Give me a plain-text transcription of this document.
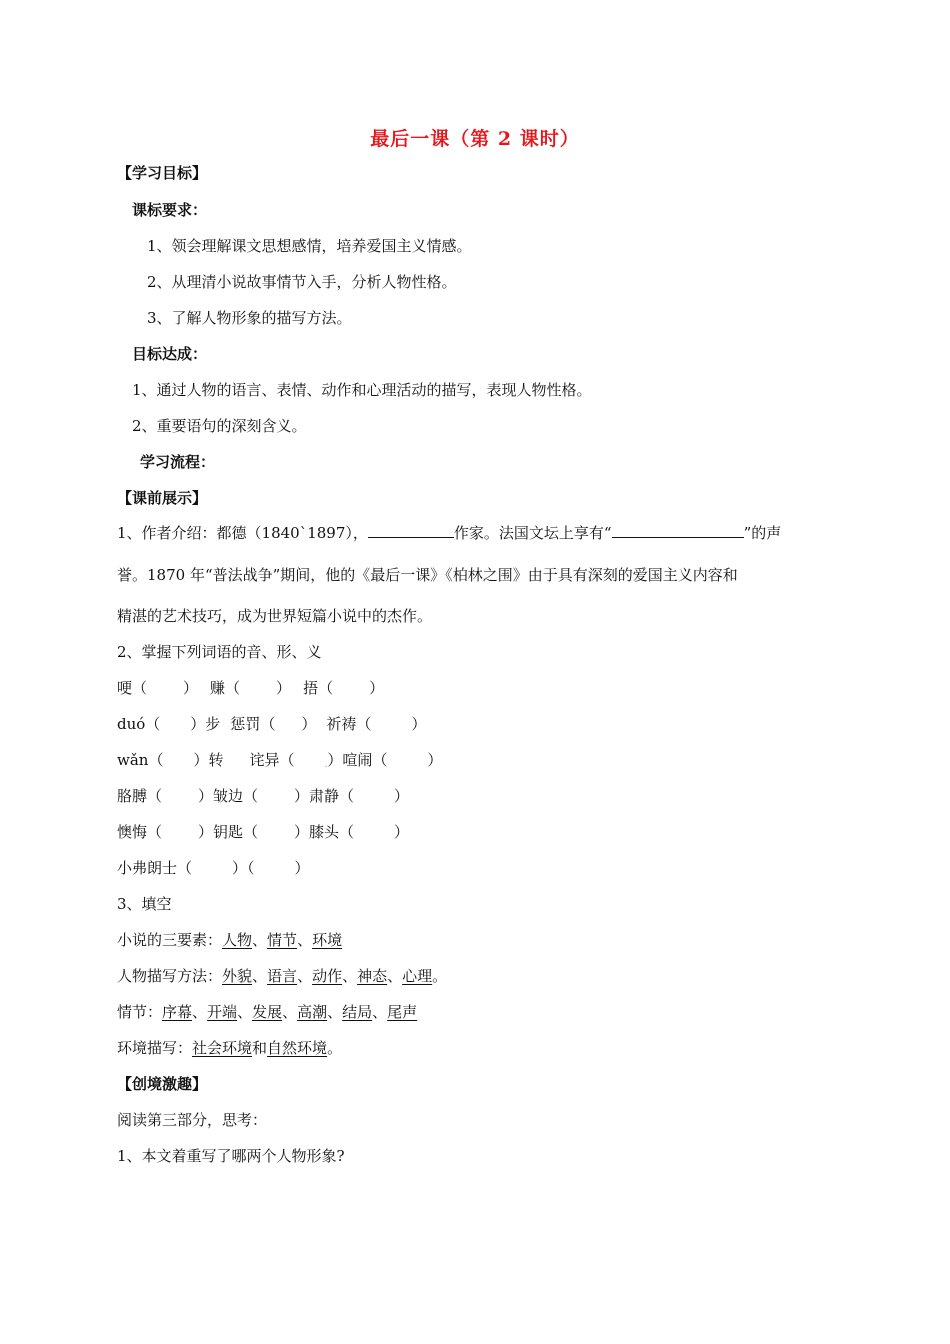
最后一课（第 2 课时）
【学习目标】
课标要求：
1、领会理解课文思想感情，培养爱国主义情感。
2、从理清小说故事情节入手，分析人物性格。
3、了解人物形象的描写方法。
目标达成：
1、通过人物的语言、表情、动作和心理活动的描写，表现人物性格。
2、重要语句的深刻含义。
学习流程：
【课前展示】
1、作者介绍：都德（1840`1897），	作家。法国文坛上享有“	”的声
誉。1870 年“普法战争”期间，他的《最后一课》《柏林之围》由于具有深刻的爱国主义内容和
精湛的艺术技巧，成为世界短篇小说中的杰作。
2、掌握下列词语的音、形、义
哽（ ） 赚（ ） 捂（ ）
duó（ ）步 惩罚（ ） 祈祷（	）
wǎn（ ）转 诧异（	.）喧闹（	）
胳膊（ ）皱边（ ）肃静（	）
懊悔（ ）钥匙（ ）膝头（	）
小弗朗士（	）（	）
3、填空
小说的三要素：人物、情节、环境
人物描写方法：外貌、语言、动作、神态、心理。
情节：序幕、开端、发展、高潮、结局、尾声
环境描写：社会环境和自然环境。
【创境激趣】
阅读第三部分，思考：
1、本文着重写了哪两个人物形象?
